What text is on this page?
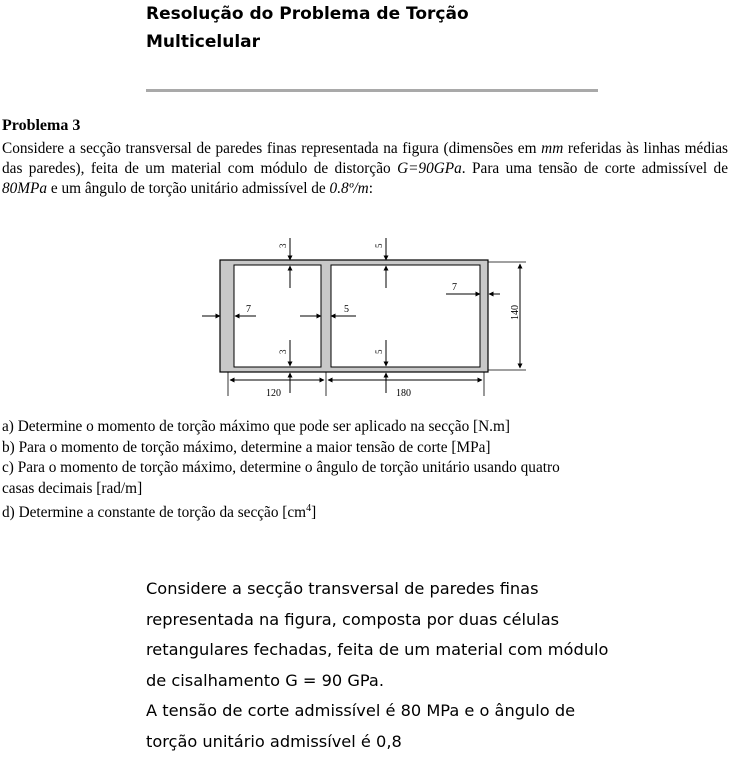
Resolução do Problema de Torção
Multicelular
Problema 3
Considere a secção transversal de paredes finas representada na figura (dimensões em mm referidas às linhas médias das paredes), feita de um material com módulo de distorção G=90GPa. Para uma tensão de corte admissível de 80MPa e um ângulo de torção unitário admissível de 0.8º/m:
3	5
3	5
7	5
7
140
120	180
a) Determine o momento de torção máximo que pode ser aplicado na secção [N.m]
b) Para o momento de torção máximo, determine a maior tensão de corte [MPa]
c) Para o momento de torção máximo, determine o ângulo de torção unitário usando quatro
casas decimais [rad/m]
d) Determine a constante de torção da secção $[cm^4]$

Considere a secção transversal de paredes finas representada na figura, composta por duas células retangulares fechadas, feita de um material com módulo de cisalhamento G = 90 GPa.

A tensão de corte admissível é 80 MPa e o ângulo de torção unitário admissível é 0,8
